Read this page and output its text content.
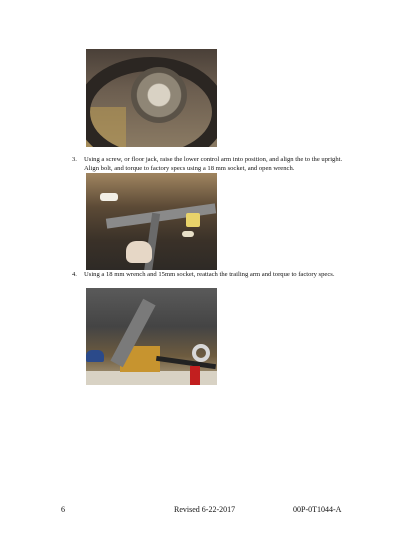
3. Using a screw, or floor jack, raise the lower control arm into position, and align the to the upright.
Align bolt, and torque to factory specs using a 18 mm socket, and open wrench.
4. Using a 18 mm wrench and 15mm socket, reattach the trailing arm and torque to factory specs.
6	Revised 6-22-2017	00P-0T1044-A
